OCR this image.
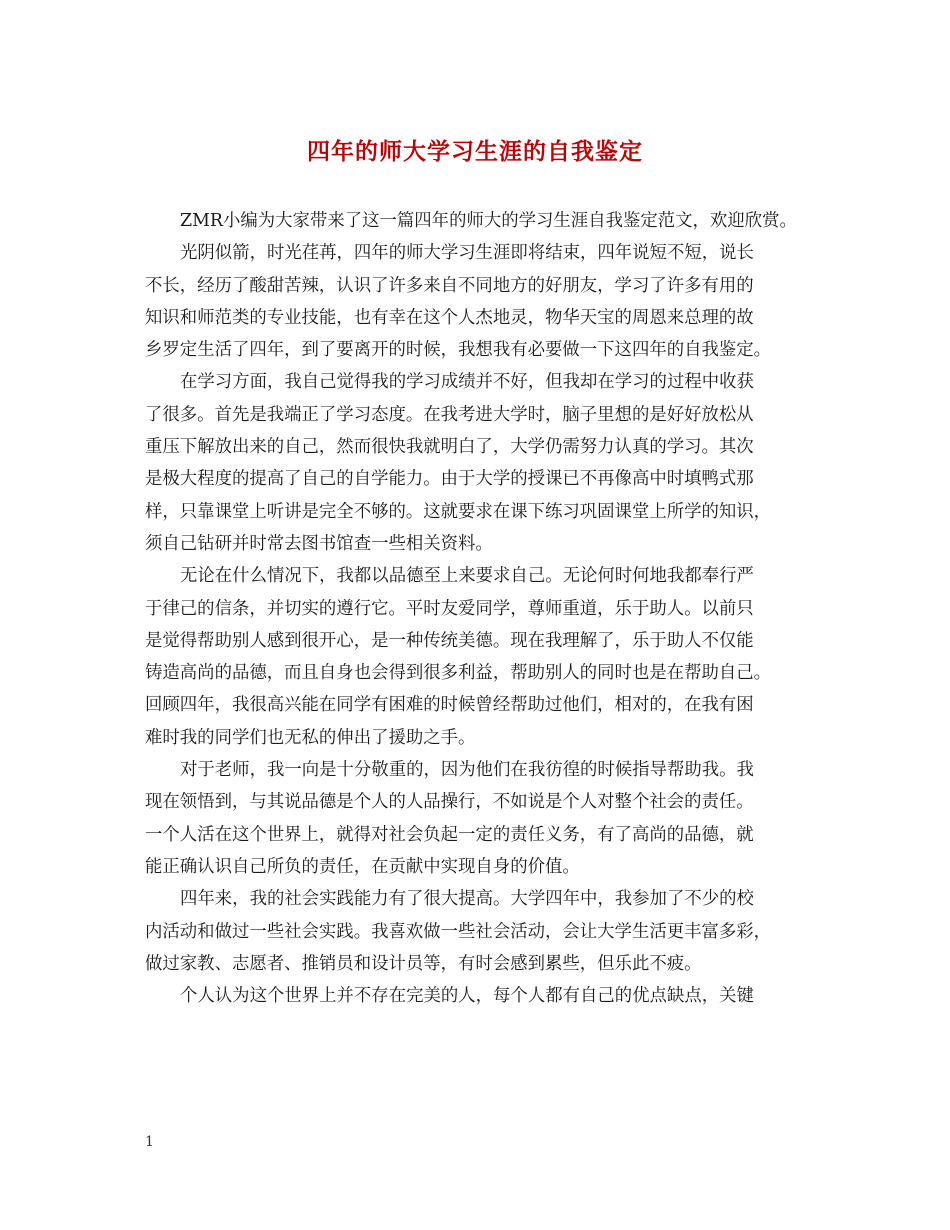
四年的师大学习生涯的自我鉴定
ZMR小编为大家带来了这一篇四年的师大的学习生涯自我鉴定范文，欢迎欣赏。
光阴似箭，时光荏苒，四年的师大学习生涯即将结束，四年说短不短，说长
不长，经历了酸甜苦辣，认识了许多来自不同地方的好朋友，学习了许多有用的
知识和师范类的专业技能，也有幸在这个人杰地灵，物华天宝的周恩来总理的故
乡罗定生活了四年，到了要离开的时候，我想我有必要做一下这四年的自我鉴定。
在学习方面，我自己觉得我的学习成绩并不好，但我却在学习的过程中收获
了很多。首先是我端正了学习态度。在我考进大学时，脑子里想的是好好放松从
重压下解放出来的自己，然而很快我就明白了，大学仍需努力认真的学习。其次
是极大程度的提高了自己的自学能力。由于大学的授课已不再像高中时填鸭式那
样，只靠课堂上听讲是完全不够的。这就要求在课下练习巩固课堂上所学的知识，
须自己钻研并时常去图书馆查一些相关资料。
无论在什么情况下，我都以品德至上来要求自己。无论何时何地我都奉行严
于律己的信条，并切实的遵行它。平时友爱同学，尊师重道，乐于助人。以前只
是觉得帮助别人感到很开心，是一种传统美德。现在我理解了，乐于助人不仅能
铸造高尚的品德，而且自身也会得到很多利益，帮助别人的同时也是在帮助自己。
回顾四年，我很高兴能在同学有困难的时候曾经帮助过他们，相对的，在我有困
难时我的同学们也无私的伸出了援助之手。
对于老师，我一向是十分敬重的，因为他们在我彷徨的时候指导帮助我。我
现在领悟到，与其说品德是个人的人品操行，不如说是个人对整个社会的责任。
一个人活在这个世界上，就得对社会负起一定的责任义务，有了高尚的品德，就
能正确认识自己所负的责任，在贡献中实现自身的价值。
四年来，我的社会实践能力有了很大提高。大学四年中，我参加了不少的校
内活动和做过一些社会实践。我喜欢做一些社会活动，会让大学生活更丰富多彩，
做过家教、志愿者、推销员和设计员等，有时会感到累些，但乐此不疲。
个人认为这个世界上并不存在完美的人，每个人都有自己的优点缺点，关键
1
